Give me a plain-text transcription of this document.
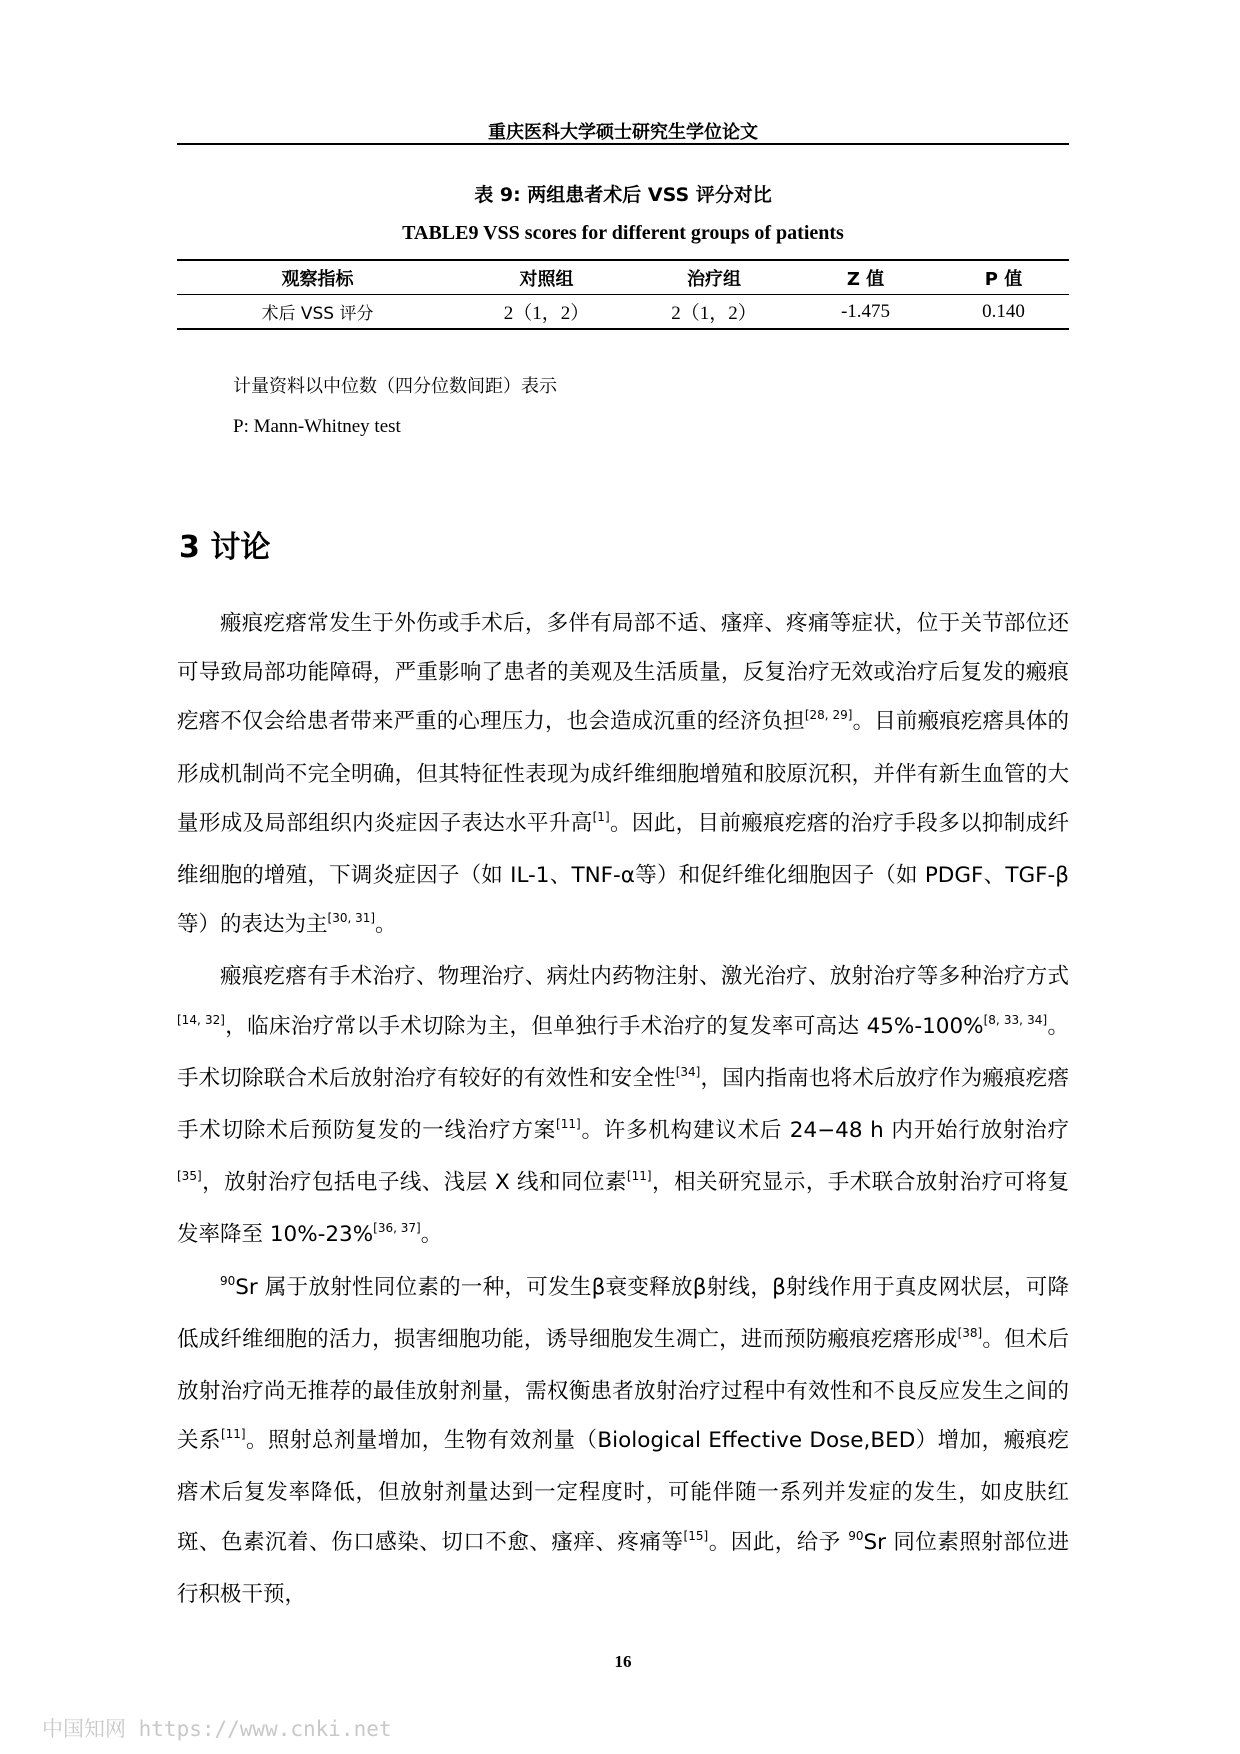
重庆医科大学硕士研究生学位论文
表 9: 两组患者术后 VSS 评分对比
TABLE9 VSS scores for different groups of patients
观察指标	对照组	治疗组	Z 值	P 值
术后 VSS 评分	2（1，2）	2（1，2）	-1.475	0.140
计量资料以中位数（四分位数间距）表示
P: Mann-Whitney test
3 讨论

瘢痕疙瘩常发生于外伤或手术后，多伴有局部不适、瘙痒、疼痛等症状，位于关节部位还可导致局部功能障碍，严重影响了患者的美观及生活质量，反复治疗无效或治疗后复发的瘢痕疙瘩不仅会给患者带来严重的心理压力，也会造成沉重的经济负担[28, 29]。目前瘢痕疙瘩具体的形成机制尚不完全明确，但其特征性表现为成纤维细胞增殖和胶原沉积，并伴有新生血管的大量形成及局部组织内炎症因子表达水平升高[1]。因此，目前瘢痕疙瘩的治疗手段多以抑制成纤维细胞的增殖，下调炎症因子（如 IL-1、TNF-α等）和促纤维化细胞因子（如 PDGF、TGF-β等）的表达为主[30, 31]。

瘢痕疙瘩有手术治疗、物理治疗、病灶内药物注射、激光治疗、放射治疗等多种治疗方式[14, 32]，临床治疗常以手术切除为主，但单独行手术治疗的复发率可高达 45%-100%[8, 33, 34]。手术切除联合术后放射治疗有较好的有效性和安全性[34]，国内指南也将术后放疗作为瘢痕疙瘩手术切除术后预防复发的一线治疗方案[11]。许多机构建议术后 24−48 h 内开始行放射治疗[35]，放射治疗包括电子线、浅层 X 线和同位素[11]，相关研究显示，手术联合放射治疗可将复发率降至 10%-23%[36, 37]。

$^{90}$Sr 属于放射性同位素的一种，可发生β衰变释放β射线，β射线作用于真皮网状层，可降低成纤维细胞的活力，损害细胞功能，诱导细胞发生凋亡，进而预防瘢痕疙瘩形成[38]。但术后放射治疗尚无推荐的最佳放射剂量，需权衡患者放射治疗过程中有效性和不良反应发生之间的关系[11]。照射总剂量增加，生物有效剂量（Biological Effective Dose,BED）增加，瘢痕疙瘩术后复发率降低，但放射剂量达到一定程度时，可能伴随一系列并发症的发生，如皮肤红斑、色素沉着、伤口感染、切口不愈、瘙痒、疼痛等[15]。因此，给予 $^{90}$Sr 同位素照射部位进行积极干预，

16
中国知网 https://www.cnki.net
